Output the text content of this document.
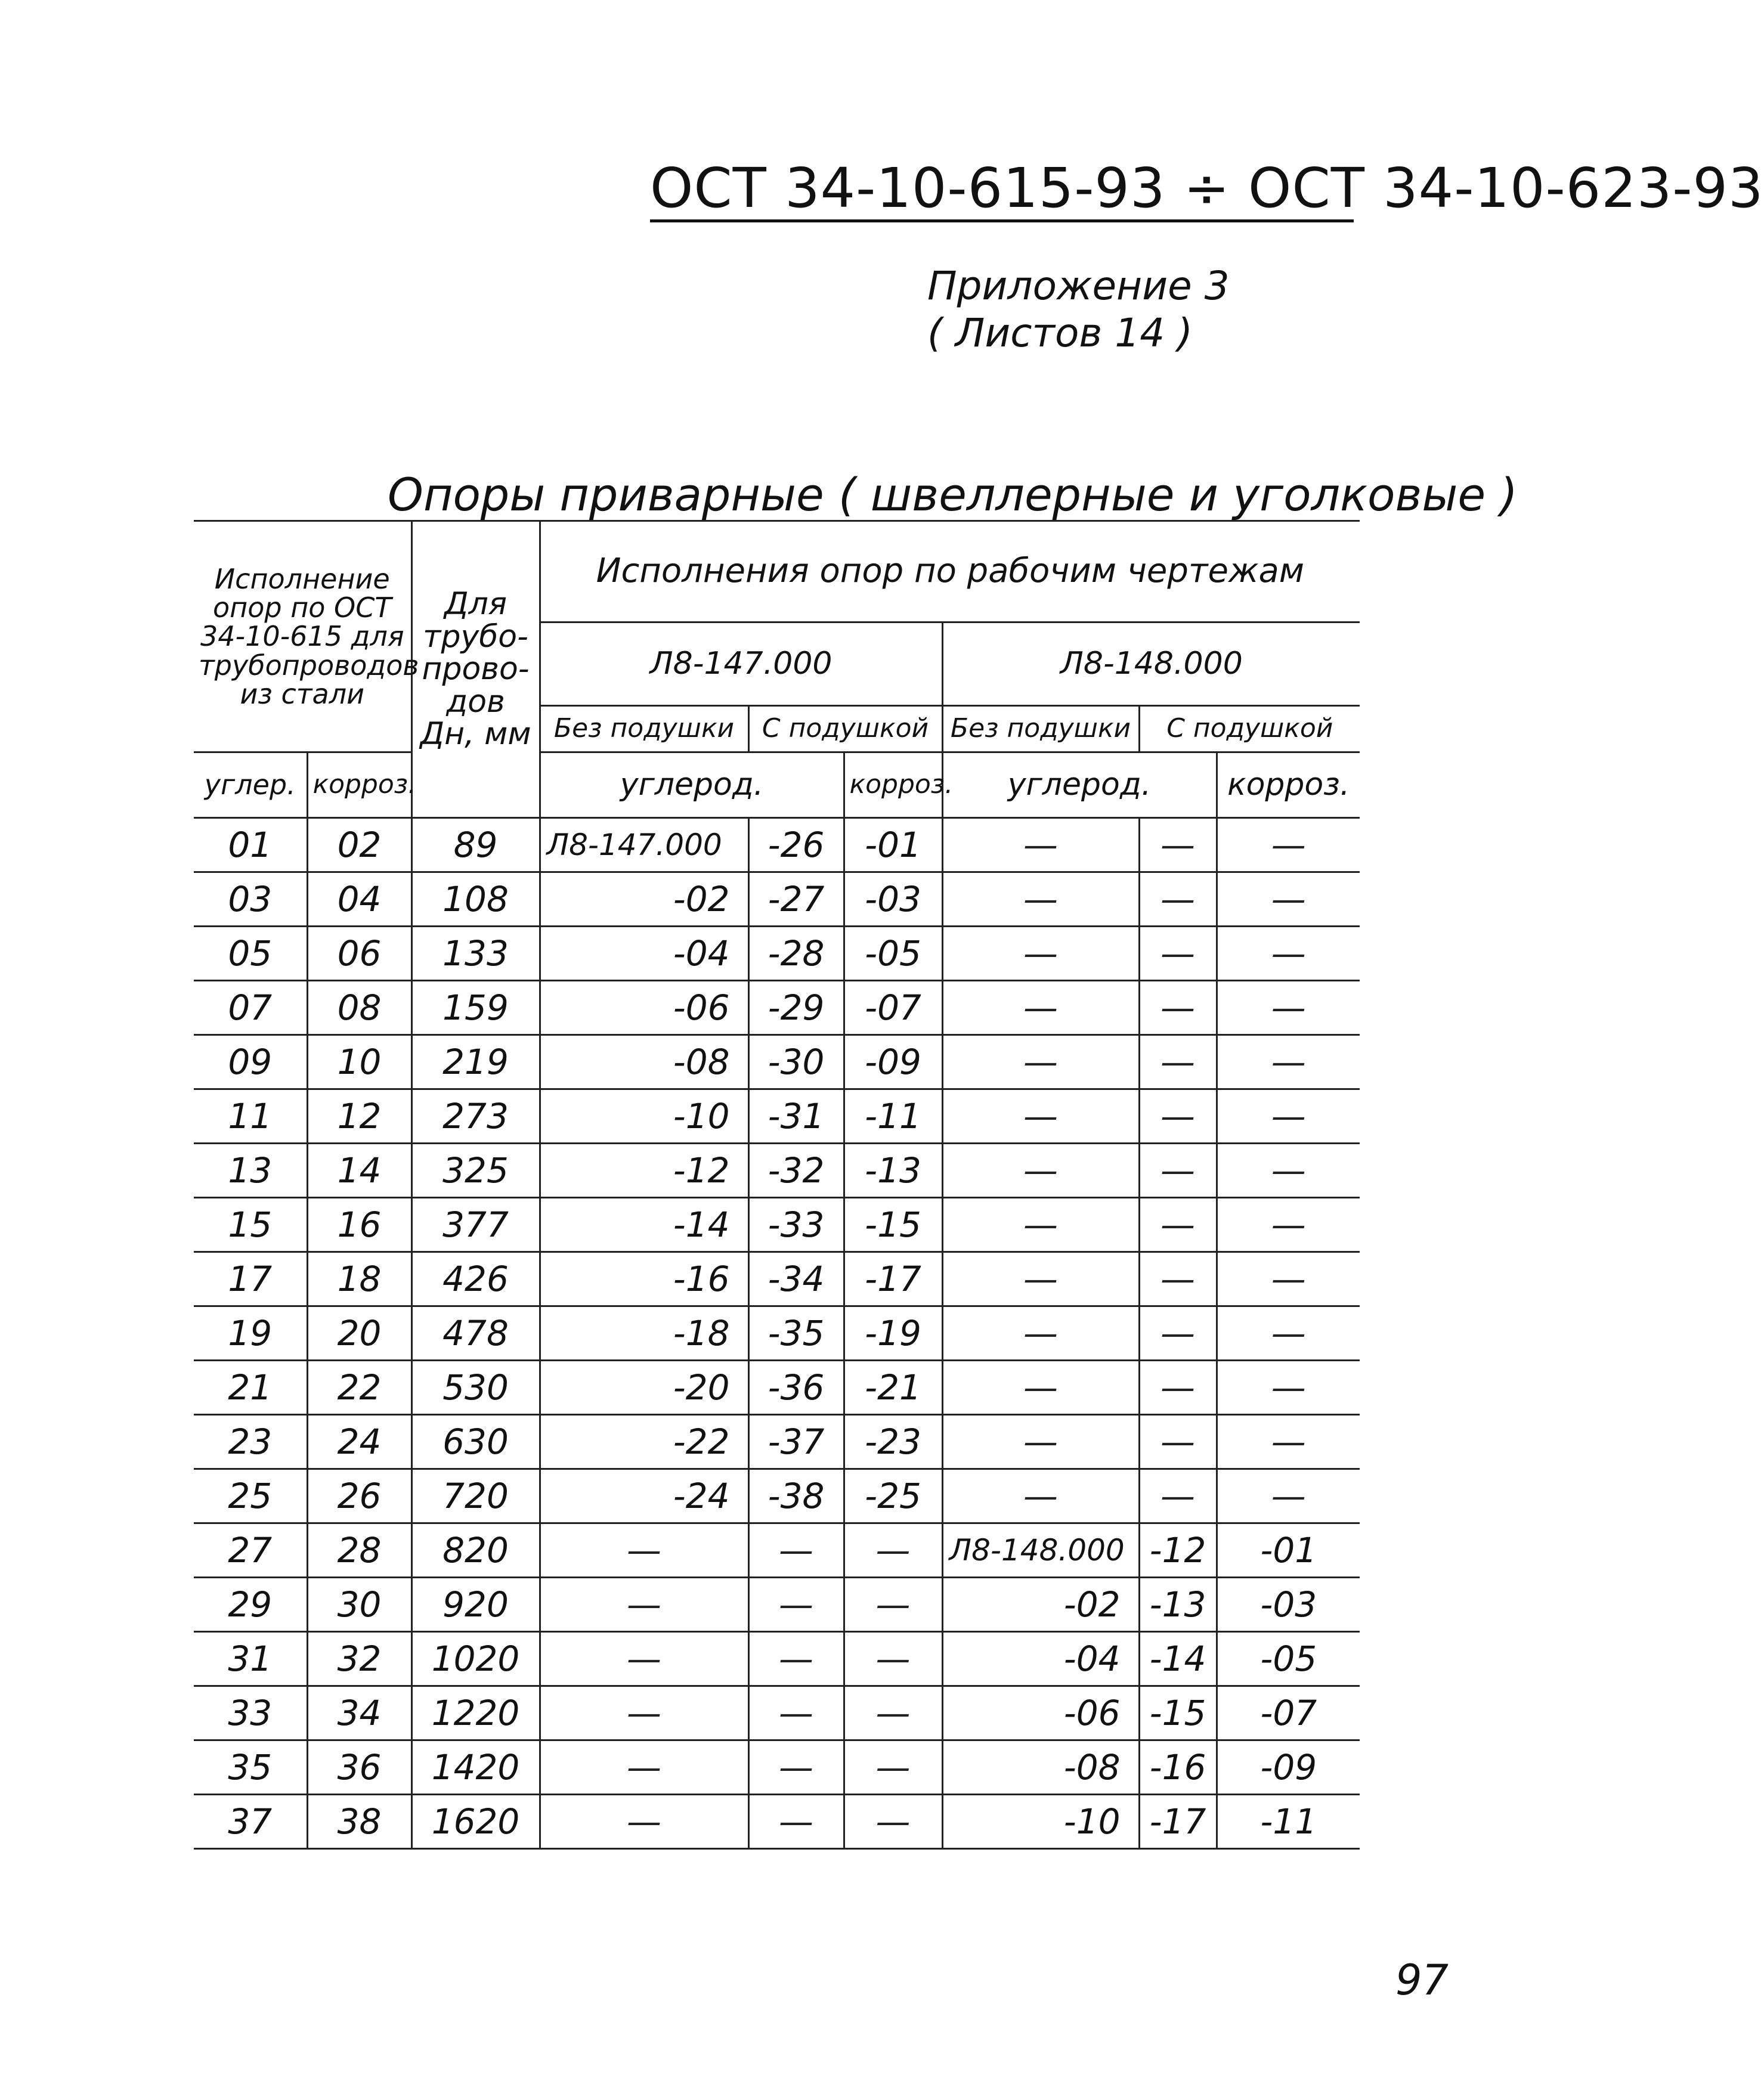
ОСТ 34-10-615-93 ÷ ОСТ 34-10-623-93
Приложение 3
( Листов 14 )
Опоры приварные ( швеллерные и уголковые )
Исполнение опор по ОСТ 34-10-615 для трубопроводов из стали		Для трубо-прово-дов Дн, мм	Исполнения опор по рабочим чертежам					
			Л8-147.000			Л8-148.000		
			Без подушки	С подушкой		Без подушки	С подушкой	
углер.	корроз.		углерод.		корроз.	углерод.		корроз.
01	02	89	Л8-147.000	-26	-01	—	—	—
03	04	108	-02	-27	-03	—	—	—
05	06	133	-04	-28	-05	—	—	—
07	08	159	-06	-29	-07	—	—	—
09	10	219	-08	-30	-09	—	—	—
11	12	273	-10	-31	-11	—	—	—
13	14	325	-12	-32	-13	—	—	—
15	16	377	-14	-33	-15	—	—	—
17	18	426	-16	-34	-17	—	—	—
19	20	478	-18	-35	-19	—	—	—
21	22	530	-20	-36	-21	—	—	—
23	24	630	-22	-37	-23	—	—	—
25	26	720	-24	-38	-25	—	—	—
27	28	820	—	—	—	Л8-148.000	-12	-01
29	30	920	—	—	—	-02	-13	-03
31	32	1020	—	—	—	-04	-14	-05
33	34	1220	—	—	—	-06	-15	-07
35	36	1420	—	—	—	-08	-16	-09
37	38	1620	—	—	—	-10	-17	-11
97
